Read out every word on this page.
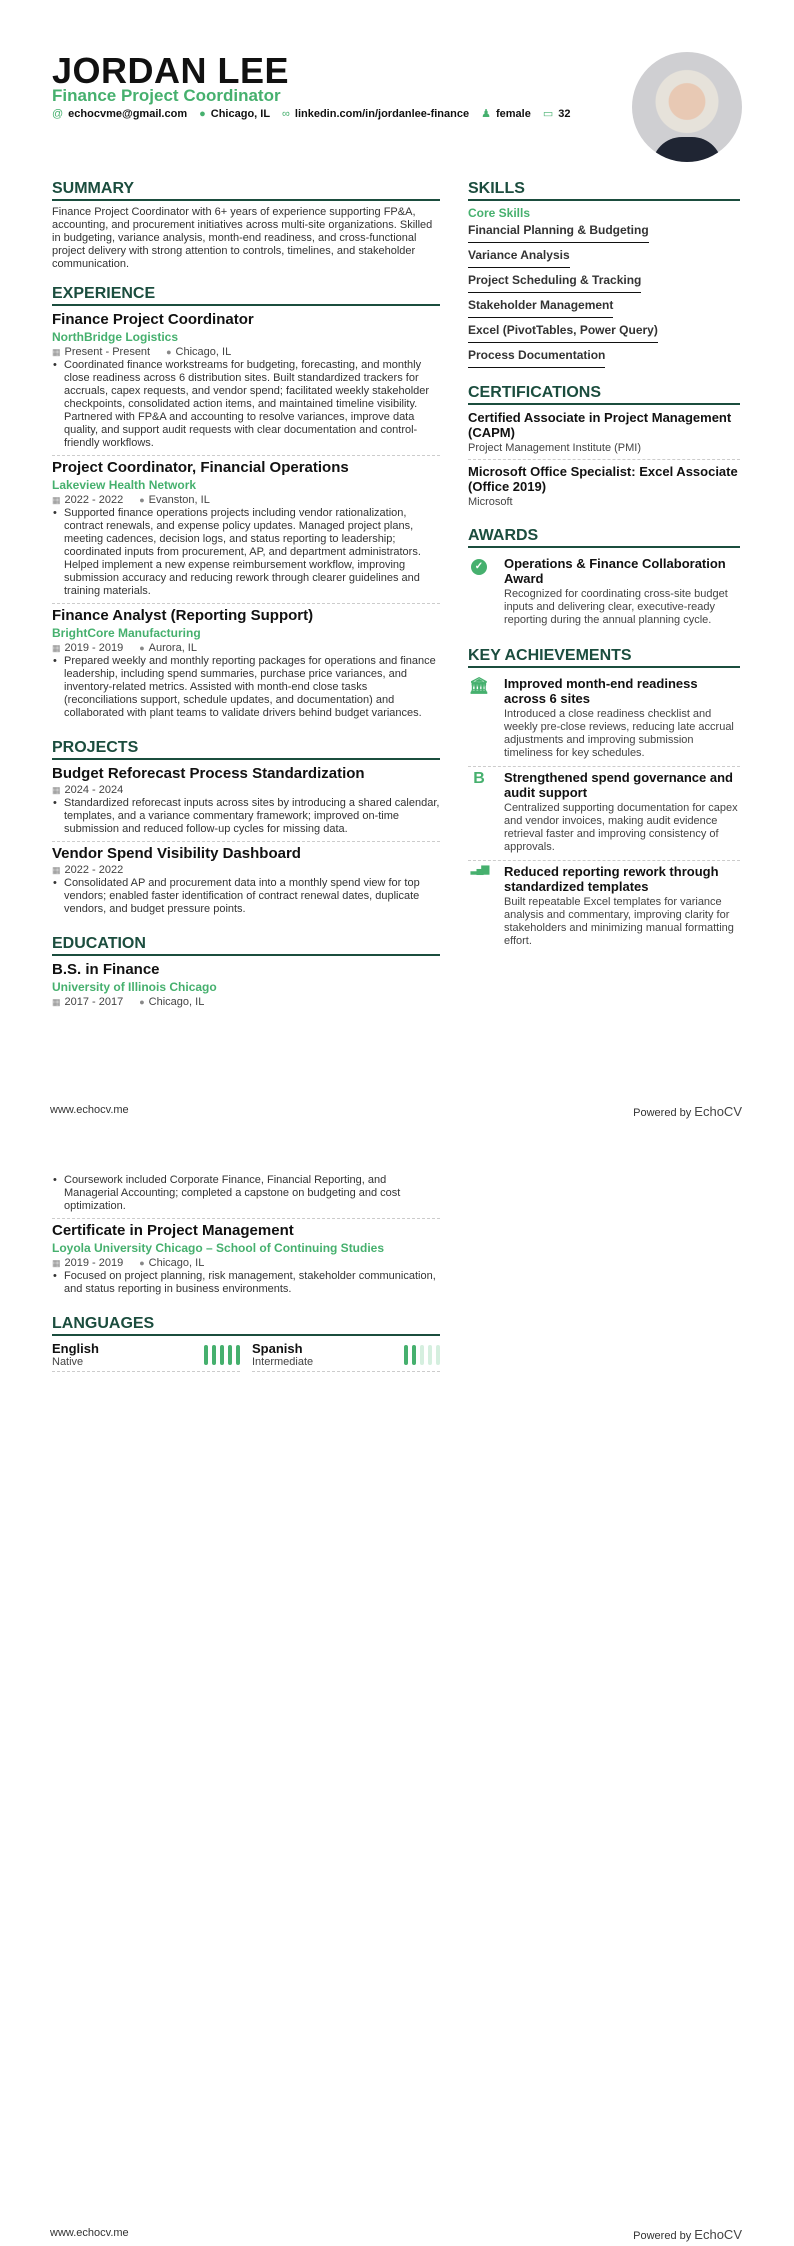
JORDAN LEE
Finance Project Coordinator
@ echocvme@gmail.com ● Chicago, IL ∞ linkedin.com/in/jordanlee-finance ♟ female ▭ 32
SUMMARY
Finance Project Coordinator with 6+ years of experience supporting FP&A, accounting, and procurement initiatives across multi-site organizations. Skilled in budgeting, variance analysis, month-end readiness, and cross-functional project delivery with strong attention to controls, timelines, and stakeholder communication.
EXPERIENCE
Finance Project Coordinator
NorthBridge Logistics
▦ Present - Present ● Chicago, IL
• Coordinated finance workstreams for budgeting, forecasting, and monthly close readiness across 6 distribution sites. Built standardized trackers for accruals, capex requests, and vendor spend; facilitated weekly stakeholder checkpoints, consolidated action items, and maintained timeline visibility. Partnered with FP&A and accounting to resolve variances, improve data quality, and support audit requests with clear documentation and control-friendly workflows.
Project Coordinator, Financial Operations
Lakeview Health Network
▦ 2022 - 2022 ● Evanston, IL
• Supported finance operations projects including vendor rationalization, contract renewals, and expense policy updates. Managed project plans, meeting cadences, decision logs, and status reporting to leadership; coordinated inputs from procurement, AP, and department administrators. Helped implement a new expense reimbursement workflow, improving submission accuracy and reducing rework through clearer guidelines and training materials.
Finance Analyst (Reporting Support)
BrightCore Manufacturing
▦ 2019 - 2019 ● Aurora, IL
• Prepared weekly and monthly reporting packages for operations and finance leadership, including spend summaries, purchase price variances, and inventory-related metrics. Assisted with month-end close tasks (reconciliations support, schedule updates, and documentation) and collaborated with plant teams to validate drivers behind budget variances.
PROJECTS
Budget Reforecast Process Standardization
▦ 2024 - 2024
• Standardized reforecast inputs across sites by introducing a shared calendar, templates, and a variance commentary framework; improved on-time submission and reduced follow-up cycles for missing data.
Vendor Spend Visibility Dashboard
▦ 2022 - 2022
• Consolidated AP and procurement data into a monthly spend view for top vendors; enabled faster identification of contract renewal dates, duplicate vendors, and budget pressure points.
EDUCATION
B.S. in Finance
University of Illinois Chicago
▦ 2017 - 2017 ● Chicago, IL
SKILLS
Core Skills
Financial Planning & Budgeting
Variance Analysis
Project Scheduling & Tracking
Stakeholder Management
Excel (PivotTables, Power Query)
Process Documentation
CERTIFICATIONS
Certified Associate in Project Management (CAPM)
Project Management Institute (PMI)
Microsoft Office Specialist: Excel Associate (Office 2019)
Microsoft
AWARDS
✓	Operations & Finance Collaboration Award
Recognized for coordinating cross-site budget inputs and delivering clear, executive-ready reporting during the annual planning cycle.
KEY ACHIEVEMENTS
🏛 Improved month-end readiness across 6 sites
Introduced a close readiness checklist and weekly pre-close reviews, reducing late accrual adjustments and improving submission timeliness for key schedules.
B	Strengthened spend governance and audit support
Centralized supporting documentation for capex and vendor invoices, making audit evidence retrieval faster and improving consistency of approvals.
▂▄▆ Reduced reporting rework through standardized templates
Built repeatable Excel templates for variance analysis and commentary, improving clarity for stakeholders and minimizing manual formatting effort.
www.echocv.me	Powered by EchoCV
• Coursework included Corporate Finance, Financial Reporting, and Managerial Accounting; completed a capstone on budgeting and cost optimization.
Certificate in Project Management
Loyola University Chicago – School of Continuing Studies
▦ 2019 - 2019 ● Chicago, IL
• Focused on project planning, risk management, stakeholder communication, and status reporting in business environments.
LANGUAGES
English
Native
Spanish
Intermediate
www.echocv.me	Powered by EchoCV
